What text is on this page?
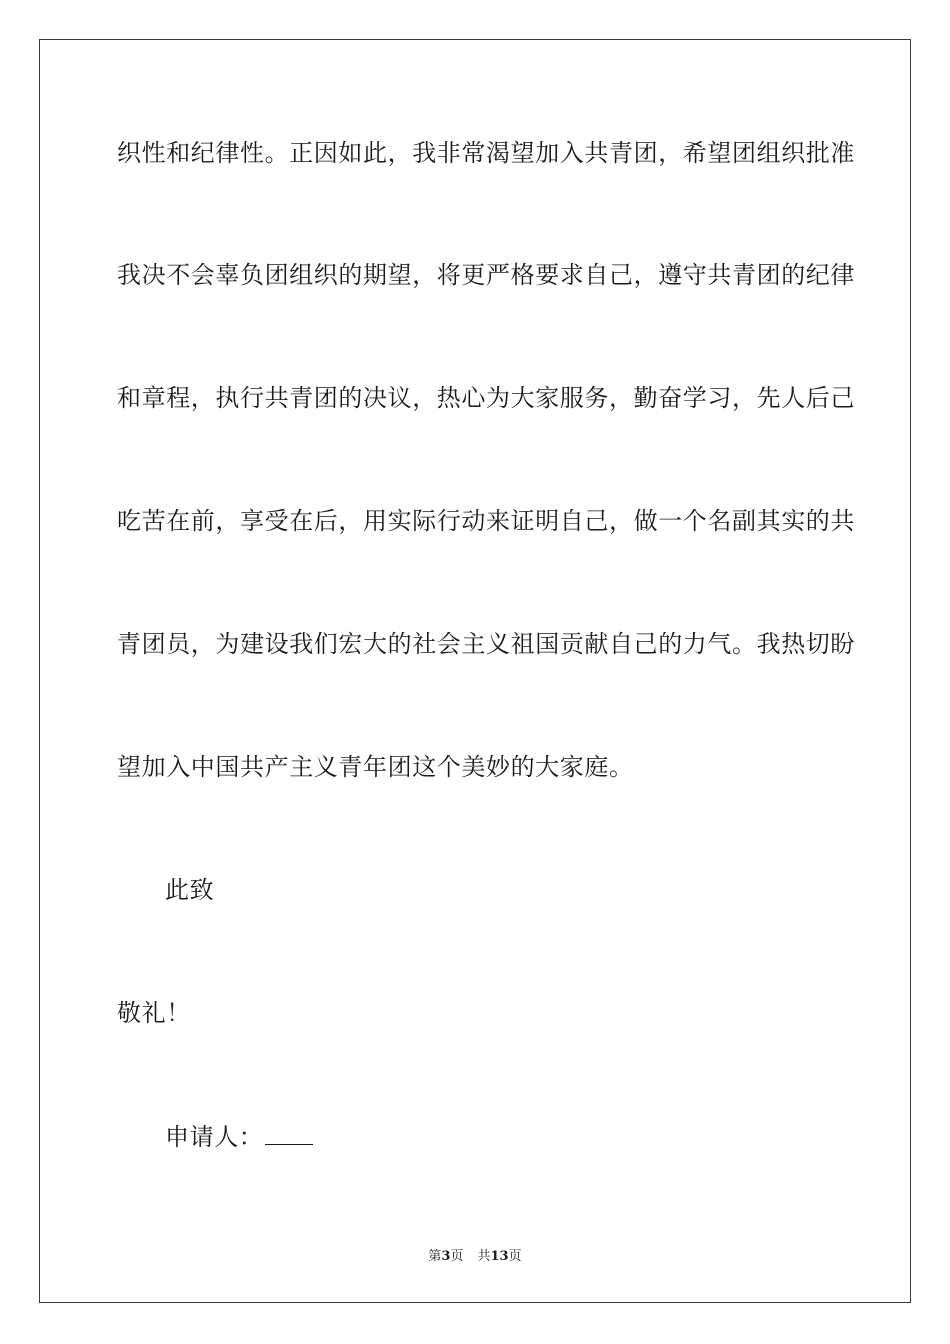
织性和纪律性。正因如此，我非常渴望加入共青团，希望团组织批准
我决不会辜负团组织的期望，将更严格要求自己，遵守共青团的纪律
和章程，执行共青团的决议，热心为大家服务，勤奋学习，先人后己
吃苦在前，享受在后，用实际行动来证明自己，做一个名副其实的共
青团员，为建设我们宏大的社会主义祖国贡献自己的力气。我热切盼
望加入中国共产主义青年团这个美妙的大家庭。
此致
敬礼！
申请人：
第3页 共13页
